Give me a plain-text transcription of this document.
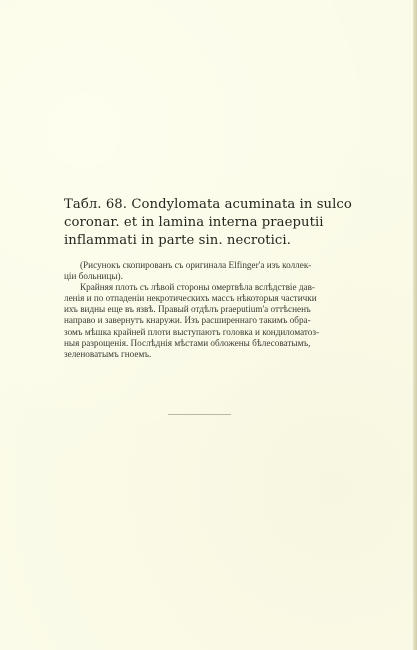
Табл. 68. Condylomata acuminata in sulco
coronar. et in lamina interna praeputii
inflammati in parte sin. necrotici.
(Рисунокъ скопированъ съ оригинала Elfinger'a изъ коллек-
ціи больницы).
Крайняя плоть съ лѣвой стороны омертвѣла вслѣдствіе дав-
ленія и по отпаденіи некротическихъ массъ нѣкоторыя частички
ихъ видны еще въ язвѣ. Правый отдѣлъ praeputium'a оттѣсненъ
направо и завернутъ кнаружи. Изъ расширеннаго такимъ обра-
зомъ мѣшка крайней плоти выступаютъ головка и кондиломатоз-
ныя разрощенія. Послѣднія мѣстами обложены бѣлесоватымъ,
зеленоватымъ гноемъ.
